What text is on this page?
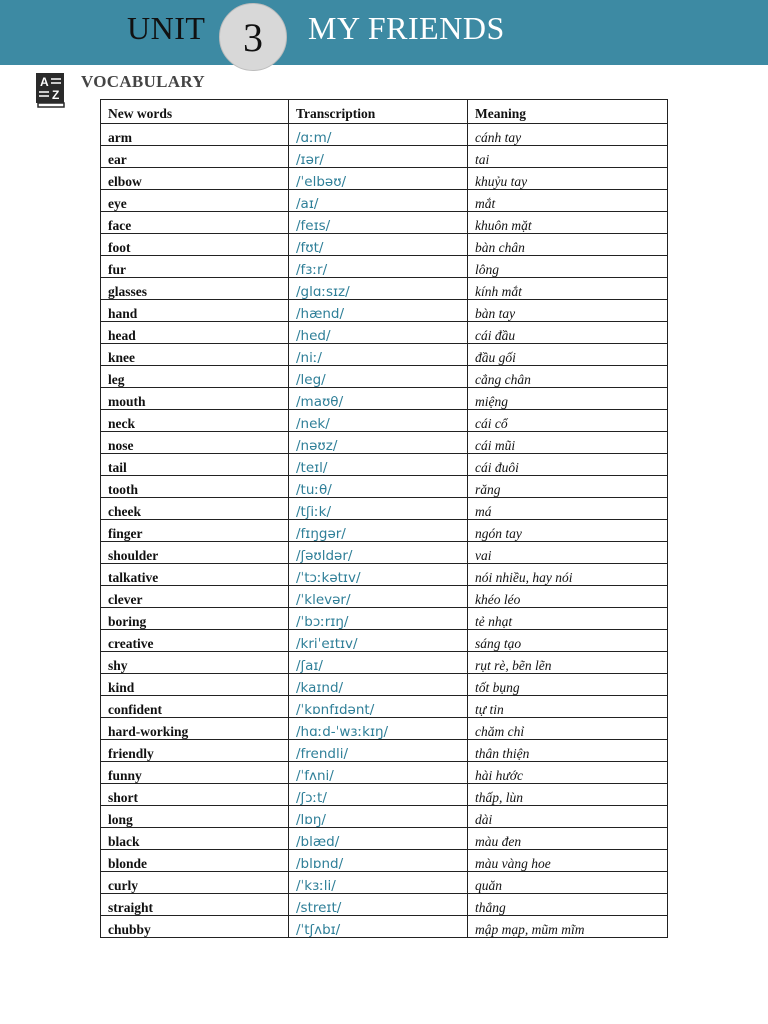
UNIT 3	MY FRIENDS
A
Z
VOCABULARY
New words	Transcription	Meaning
arm	/ɑːm/	cánh tay
ear	/ɪər/	tai
elbow	/ˈelbəʊ/	khuỷu tay
eye	/aɪ/	mắt
face	/feɪs/	khuôn mặt
foot	/fʊt/	bàn chân
fur	/fɜːr/	lông
glasses	/glɑːsɪz/	kính mắt
hand	/hænd/	bàn tay
head	/hed/	cái đầu
knee	/niː/	đầu gối
leg	/leg/	cẳng chân
mouth	/maʊθ/	miệng
neck	/nek/	cái cổ
nose	/nəʊz/	cái mũi
tail	/teɪl/	cái đuôi
tooth	/tuːθ/	răng
cheek	/tʃiːk/	má
finger	/fɪŋgər/	ngón tay
shoulder	/ʃəʊldər/	vai
talkative	/ˈtɔːkətɪv/	nói nhiều, hay nói
clever	/ˈklevər/	khéo léo
boring	/ˈbɔːrɪŋ/	tẻ nhạt
creative	/kriˈeɪtɪv/	sáng tạo
shy	/ʃaɪ/	rụt rè, bẽn lẽn
kind	/kaɪnd/	tốt bụng
confident	/ˈkɒnfɪdənt/	tự tin
hard-working	/hɑːd-ˈwɜːkɪŋ/	chăm chỉ
friendly	/frendli/	thân thiện
funny	/ˈfʌni/	hài hước
short	/ʃɔːt/	thấp, lùn
long	/lɒŋ/	dài
black	/blæd/	màu đen
blonde	/blɒnd/	màu vàng hoe
curly	/ˈkɜːli/	quăn
straight	/streɪt/	thẳng
chubby	/ˈtʃʌbɪ/	mập mạp, mũm mĩm
